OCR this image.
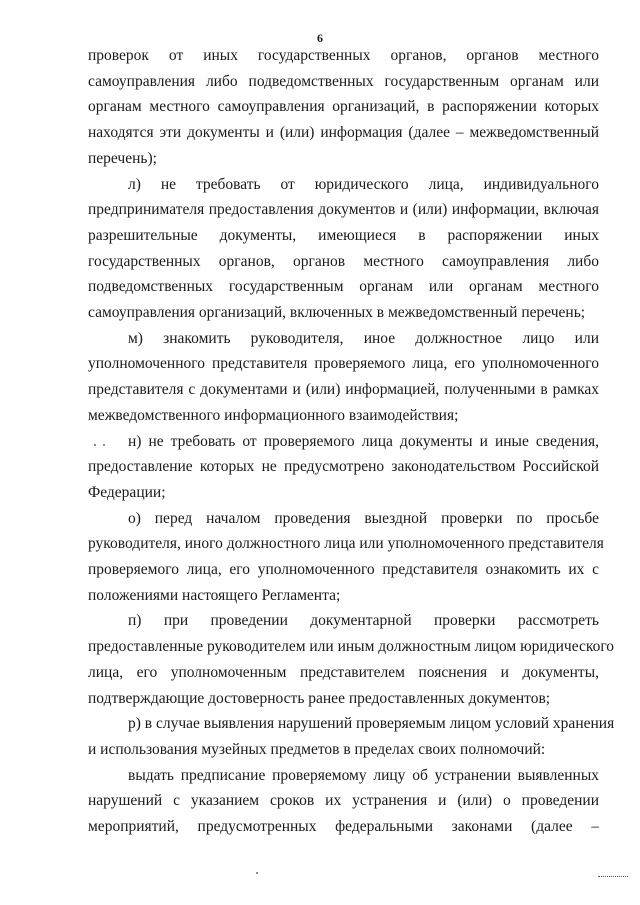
6

проверок от иных государственных органов, органов местного
самоуправления либо подведомственных государственным органам или
органам местного самоуправления организаций, в распоряжении которых
находятся эти документы и (или) информация (далее – межведомственный
перечень);

л) не требовать от юридического лица, индивидуального
предпринимателя предоставления документов и (или) информации, включая
разрешительные документы, имеющиеся в распоряжении иных
государственных органов, органов местного самоуправления либо
подведомственных государственным органам или органам местного
самоуправления организаций, включенных в межведомственный перечень;

м) знакомить руководителя, иное должностное лицо или
уполномоченного представителя проверяемого лица, его уполномоченного
представителя с документами и (или) информацией, полученными в рамках
межведомственного информационного взаимодействия;

н) не требовать от проверяемого лица документы и иные сведения,
предоставление которых не предусмотрено законодательством Российской
Федерации;

о) перед началом проведения выездной проверки по просьбе
руководителя, иного должностного лица или уполномоченного представителя
проверяемого лица, его уполномоченного представителя ознакомить их с
положениями настоящего Регламента;

п) при проведении документарной проверки рассмотреть
предоставленные руководителем или иным должностным лицом юридического
лица, его уполномоченным представителем пояснения и документы,
подтверждающие достоверность ранее предоставленных документов;

р) в случае выявления нарушений проверяемым лицом условий хранения
и использования музейных предметов в пределах своих полномочий:

выдать предписание проверяемому лицу об устранении выявленных
нарушений с указанием сроков их устранения и (или) о проведении
мероприятий, предусмотренных федеральными законами (далее –
